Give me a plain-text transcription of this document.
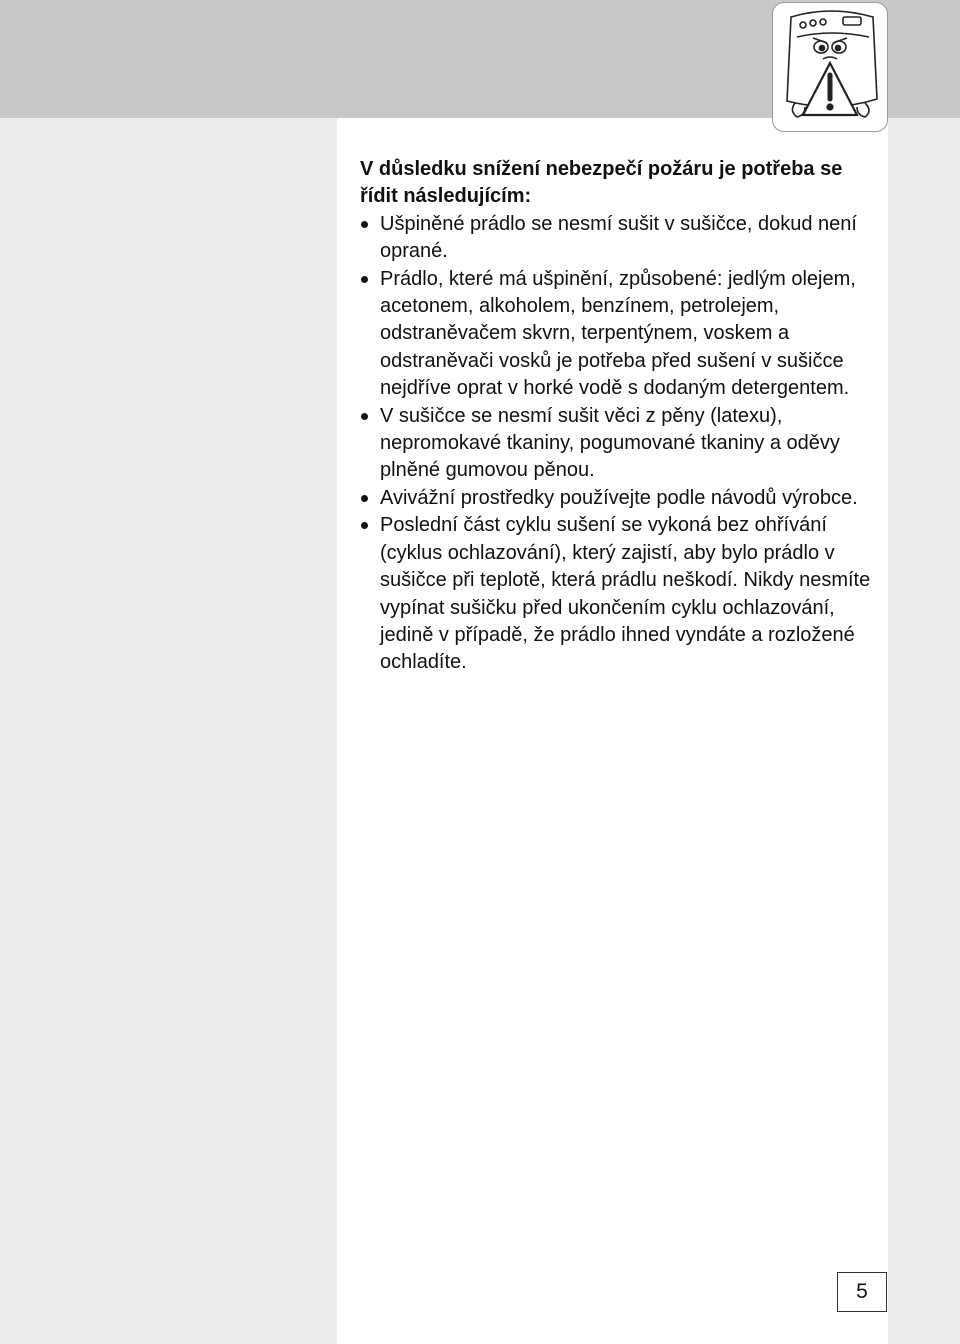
V důsledku snížení nebezpečí požáru je potřeba se řídit následujícím:

Ušpiněné prádlo se nesmí sušit v sušičce, dokud není oprané.
Prádlo, které má ušpinění, způsobené: jedlým olejem, acetonem, alkoholem, benzínem, petrolejem, odstraněvačem skvrn, terpentýnem, voskem a odstraněvači vosků je potřeba před sušení v sušičce nejdříve oprat v horké vodě s dodaným detergentem.
V sušičce se nesmí sušit věci z pěny (latexu), nepromokavé tkaniny, pogumované tkaniny a oděvy plněné gumovou pěnou.
Avivážní prostředky používejte podle návodů výrobce.
Poslední část cyklu sušení se vykoná bez ohřívání (cyklus ochlazování), který zajistí, aby bylo prádlo v sušičce při teplotě, která prádlu neškodí. Nikdy nesmíte vypínat sušičku před ukončením cyklu ochlazování, jedině v případě, že prádlo ihned vyndáte a rozložené ochladíte.
5
